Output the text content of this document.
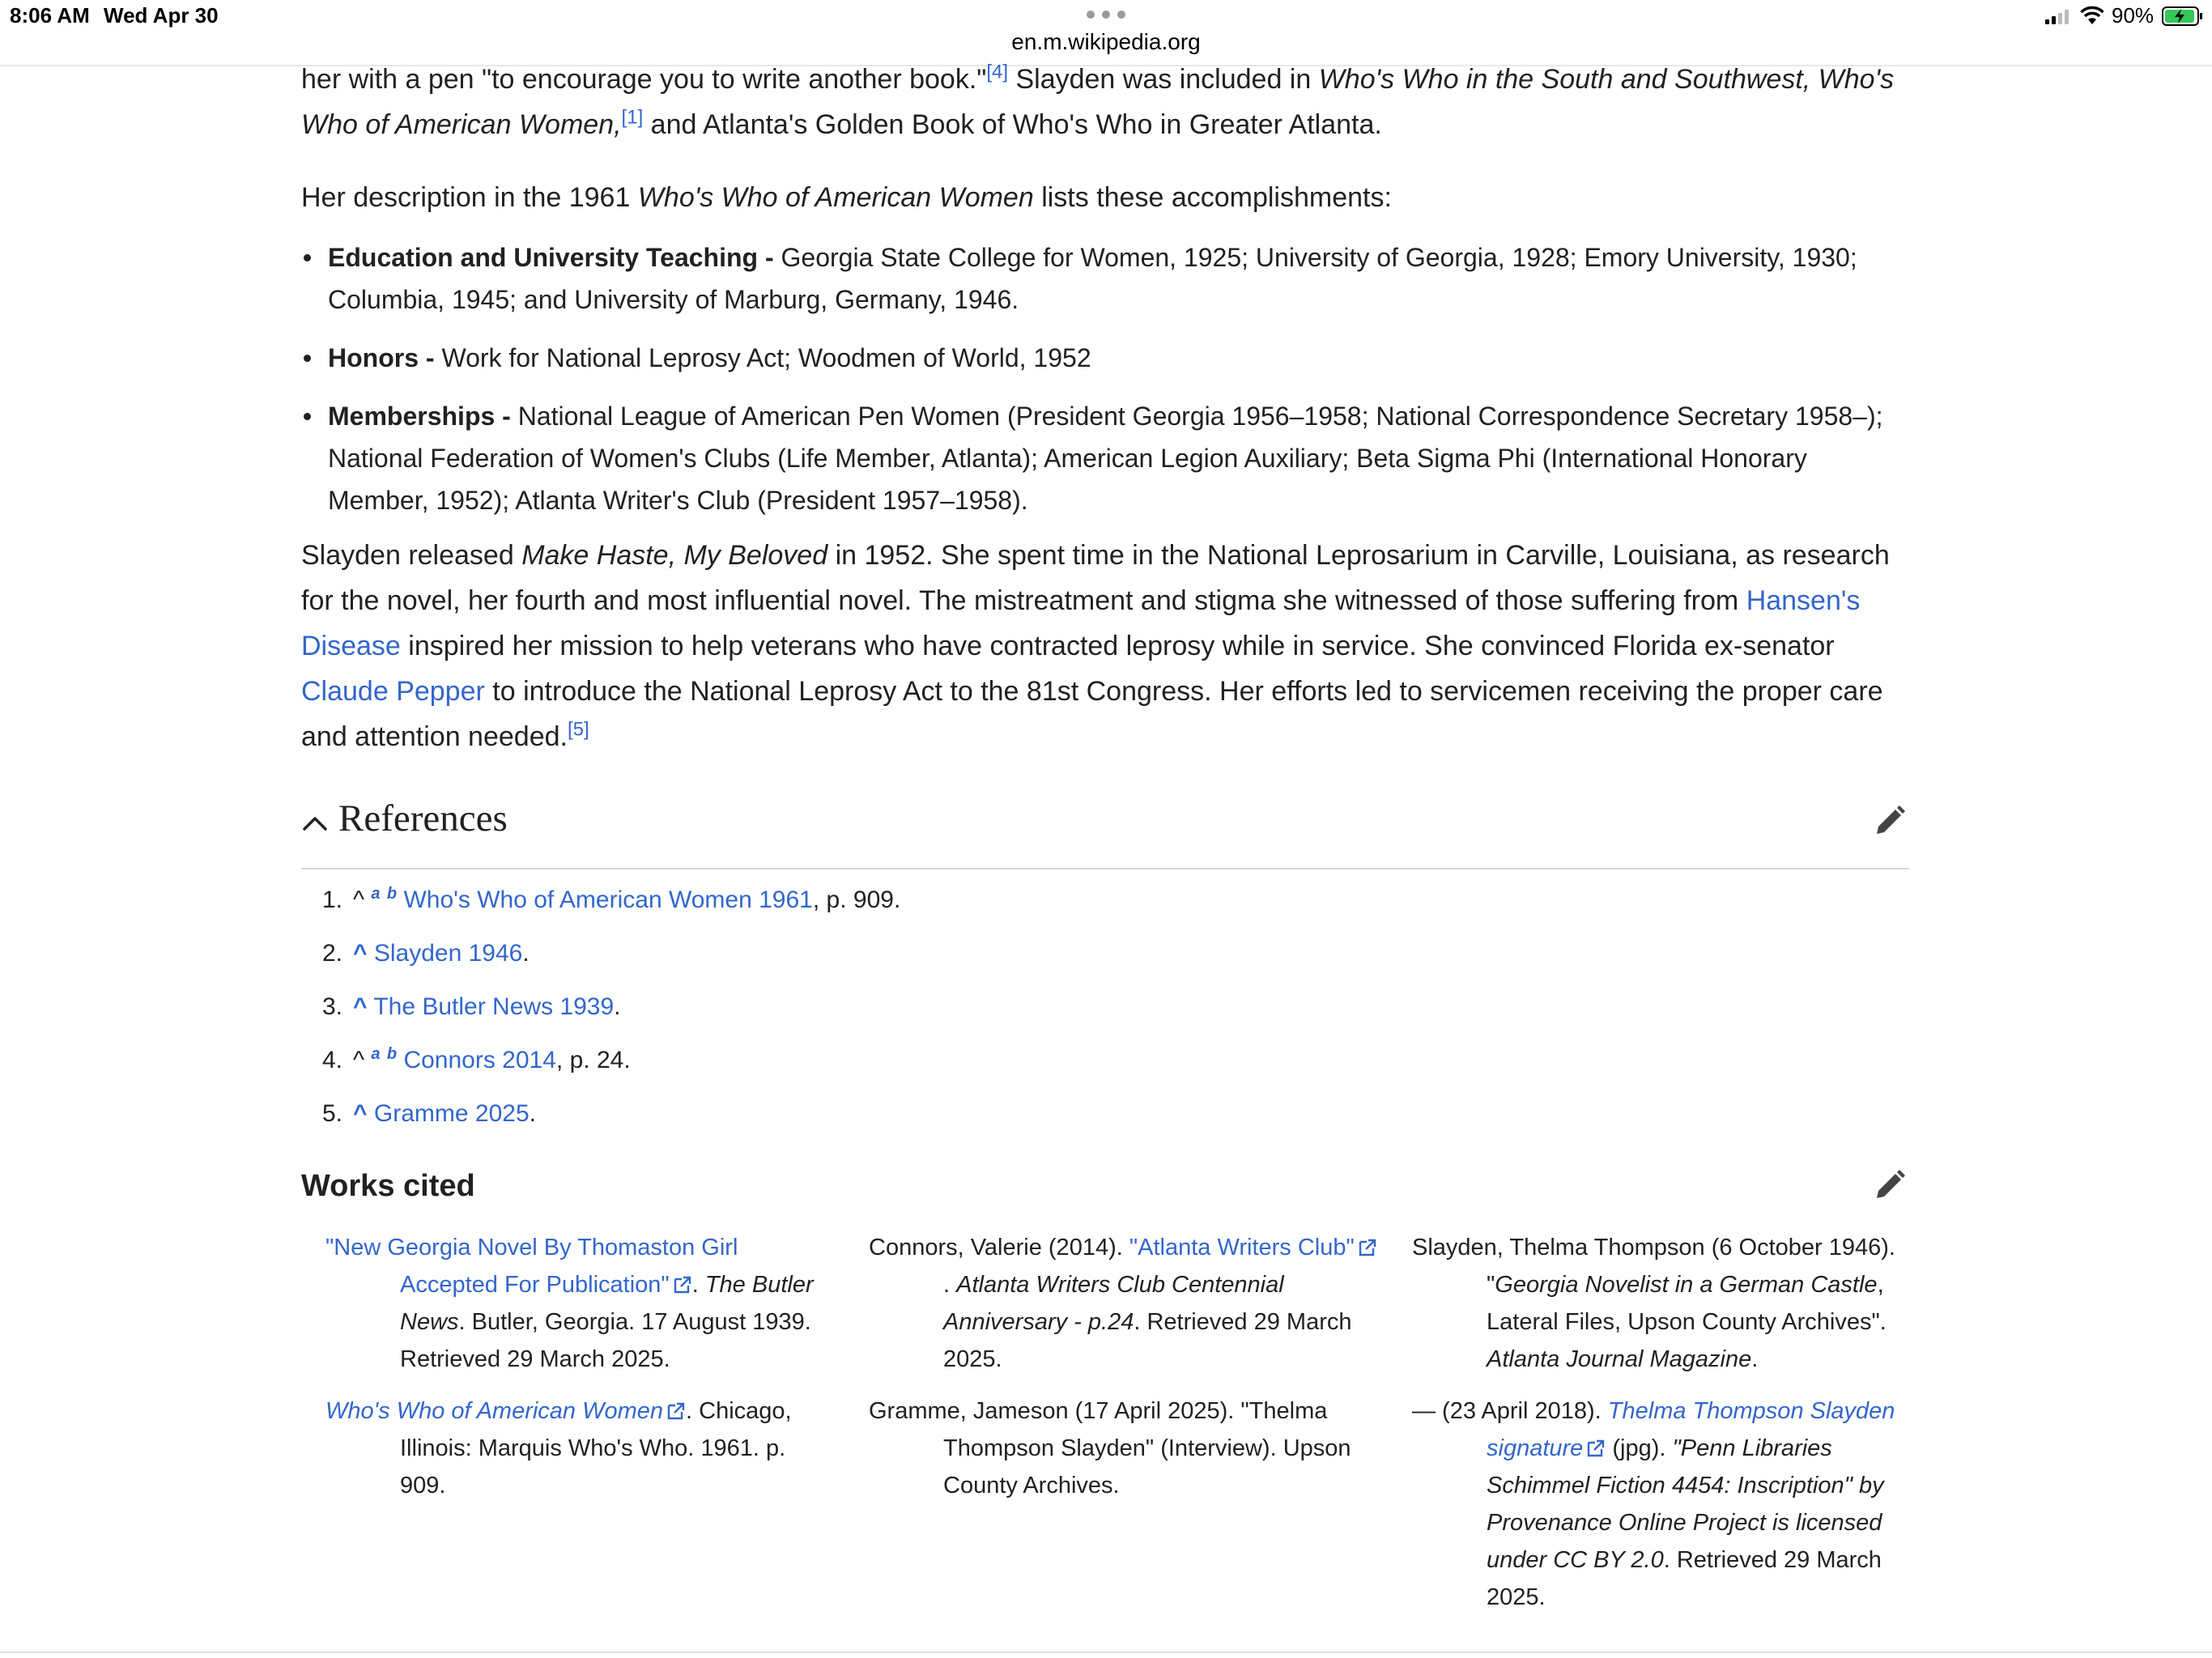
8:06 AM Wed Apr 30
en.m.wikipedia.org
90%

her with a pen "to encourage you to write another book."[4] Slayden was included in Who's Who in the South and Southwest, Who's Who of American Women,[1] and Atlanta's Golden Book of Who's Who in Greater Atlanta.

Her description in the 1961 Who's Who of American Women lists these accomplishments:

Education and University Teaching - Georgia State College for Women, 1925; University of Georgia, 1928; Emory University, 1930; Columbia, 1945; and University of Marburg, Germany, 1946.
Honors - Work for National Leprosy Act; Woodmen of World, 1952
Memberships - National League of American Pen Women (President Georgia 1956–1958; National Correspondence Secretary 1958–); National Federation of Women's Clubs (Life Member, Atlanta); American Legion Auxiliary; Beta Sigma Phi (International Honorary Member, 1952); Atlanta Writer's Club (President 1957–1958).

Slayden released Make Haste, My Beloved in 1952. She spent time in the National Leprosarium in Carville, Louisiana, as research for the novel, her fourth and most influential novel. The mistreatment and stigma she witnessed of those suffering from Hansen's Disease inspired her mission to help veterans who have contracted leprosy while in service. She convinced Florida ex-senator Claude Pepper to introduce the National Leprosy Act to the 81st Congress. Her efforts led to servicemen receiving the proper care and attention needed.[5]

References
1. ^ $^a$ $^b$ Who's Who of American Women 1961, p. 909.
2. ^ Slayden 1946.
3. ^ The Butler News 1939.
4. ^ $^a$ $^b$ Connors 2014, p. 24.
5. ^ Gramme 2025.
Works cited
"New Georgia Novel By Thomaston Girl Accepted For Publication" . The Butler News. Butler, Georgia. 17 August 1939. Retrieved 29 March 2025.
Who's Who of American Women . Chicago, Illinois: Marquis Who's Who. 1961. p. 909.
Connors, Valerie (2014). "Atlanta Writers Club". Atlanta Writers Club Centennial Anniversary - p.24. Retrieved 29 March 2025.
Gramme, Jameson (17 April 2025). "Thelma Thompson Slayden" (Interview). Upson County Archives.
Slayden, Thelma Thompson (6 October 1946). "Georgia Novelist in a German Castle, Lateral Files, Upson County Archives". Atlanta Journal Magazine.
— (23 April 2018). Thelma Thompson Slayden signature (jpg). "Penn Libraries Schimmel Fiction 4454: Inscription" by Provenance Online Project is licensed under CC BY 2.0. Retrieved 29 March 2025.
